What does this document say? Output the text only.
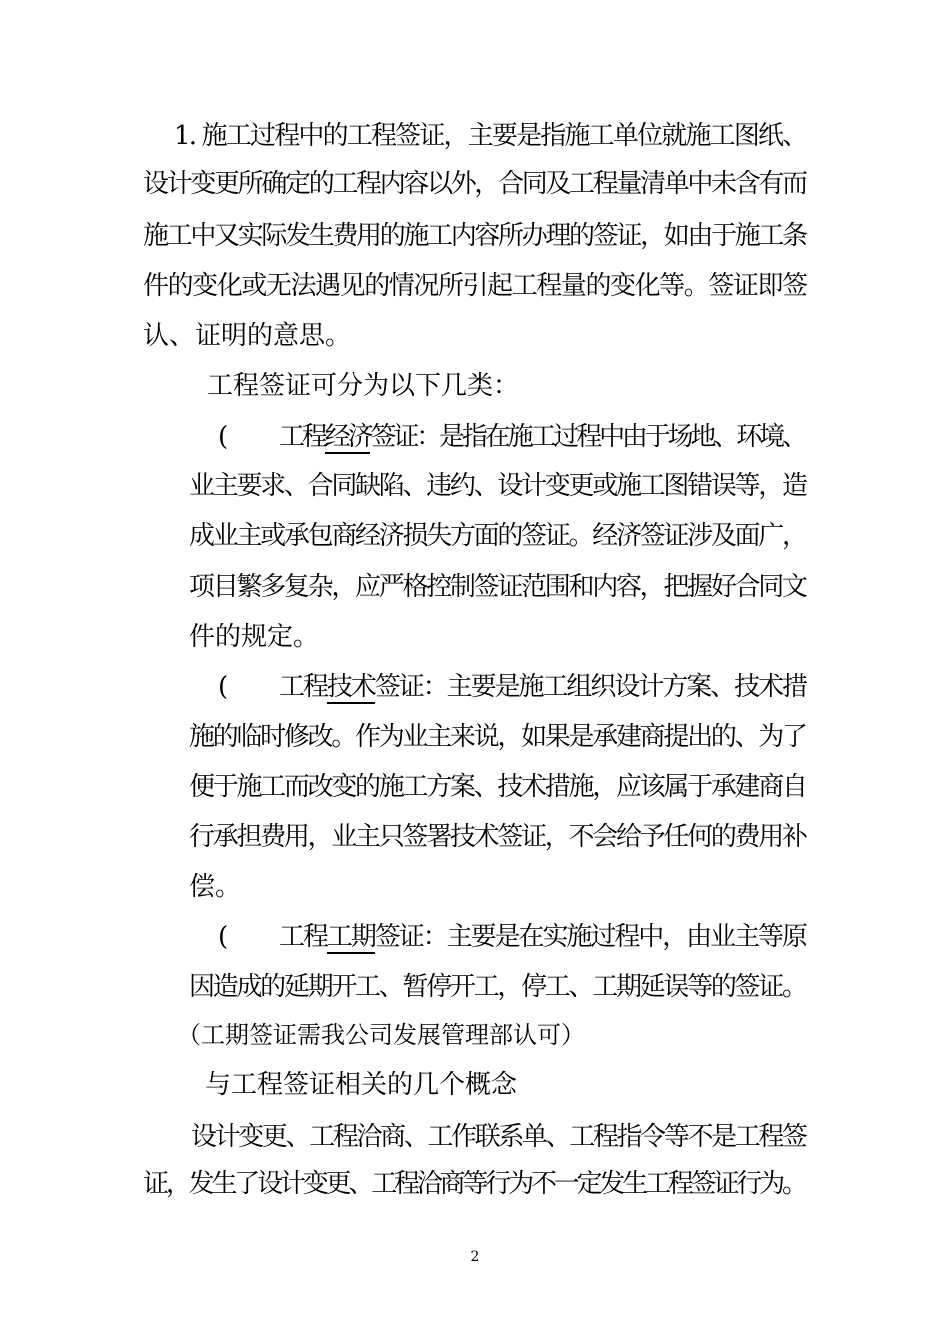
1. 施工过程中的工程签证，主要是指施工单位就施工图纸、
设计变更所确定的工程内容以外，合同及工程量清单中未含有而
施工中又实际发生费用的施工内容所办理的签证，如由于施工条
件的变化或无法遇见的情况所引起工程量的变化等。签证即签
认、证明的意思。
工程签证可分为以下几类：
( 工程经济签证：是指在施工过程中由于场地、环境、
业主要求、合同缺陷、违约、设计变更或施工图错误等，造
成业主或承包商经济损失方面的签证。经济签证涉及面广，
项目繁多复杂，应严格控制签证范围和内容，把握好合同文
件的规定。
( 工程技术签证：主要是施工组织设计方案、技术措
施的临时修改。作为业主来说，如果是承建商提出的、为了
便于施工而改变的施工方案、技术措施，应该属于承建商自
行承担费用，业主只签署技术签证，不会给予任何的费用补
偿。
( 工程工期签证：主要是在实施过程中，由业主等原
因造成的延期开工、暂停开工，停工、工期延误等的签证。
（工期签证需我公司发展管理部认可）
与工程签证相关的几个概念
设计变更、工程洽商、工作联系单、工程指令等不是工程签
证，发生了设计变更、工程洽商等行为不一定发生工程签证行为。
2
